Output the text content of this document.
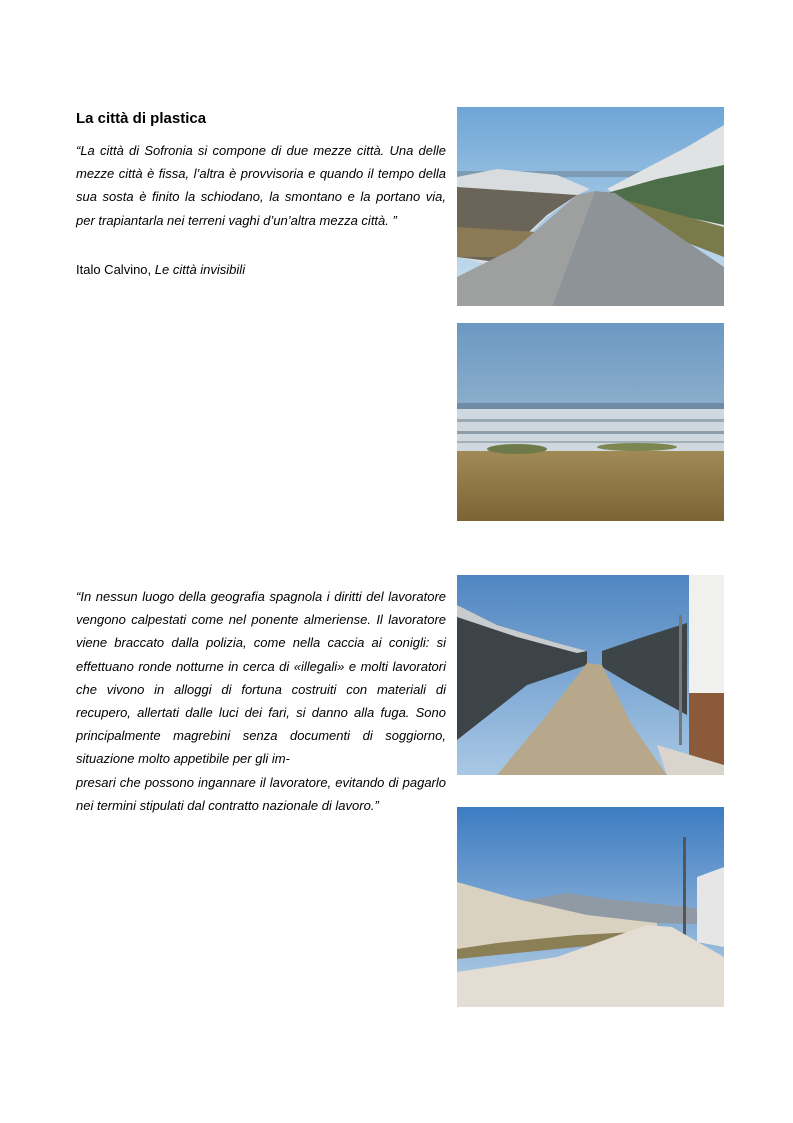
La città di plastica

“La città di Sofronia si compone di due mezze città. Una delle mezze città è fissa, l’altra è provvisoria e quando il tempo della sua sosta è finito la schiodano, la smontano e la portano via, per trapiantarla nei terreni vaghi d’un’altra mezza città. ”

Italo Calvino, Le città invisibili

“In nessun luogo della geografia spagnola i diritti del lavoratore vengono calpestati come nel ponente almeriense. Il lavoratore viene braccato dalla polizia, come nella caccia ai conigli: si effettuano ronde notturne in cerca di «illegali» e molti lavoratori che vivono in alloggi di fortuna costruiti con materiali di recupero, allertati dalle luci dei fari, si danno alla fuga. Sono principalmente magrebini senza documenti di soggiorno, situazione molto appetibile per gli im-
presari che possono ingannare il lavoratore, evitando di pagarlo nei termini stipulati dal contratto nazionale di lavoro.”
